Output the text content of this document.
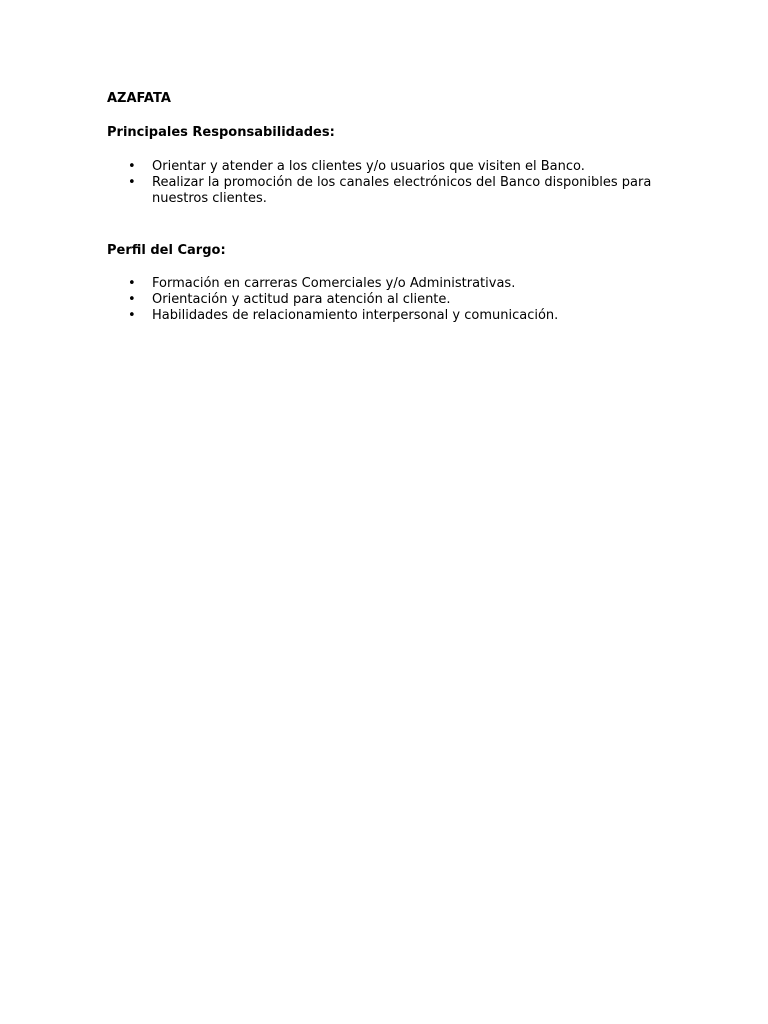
AZAFATA

Principales Responsabilidades:

• Orientar y atender a los clientes y/o usuarios que visiten el Banco.
• Realizar la promoción de los canales electrónicos del Banco disponibles para nuestros clientes.

Perfil del Cargo:

• Formación en carreras Comerciales y/o Administrativas.
• Orientación y actitud para atención al cliente.
• Habilidades de relacionamiento interpersonal y comunicación.
